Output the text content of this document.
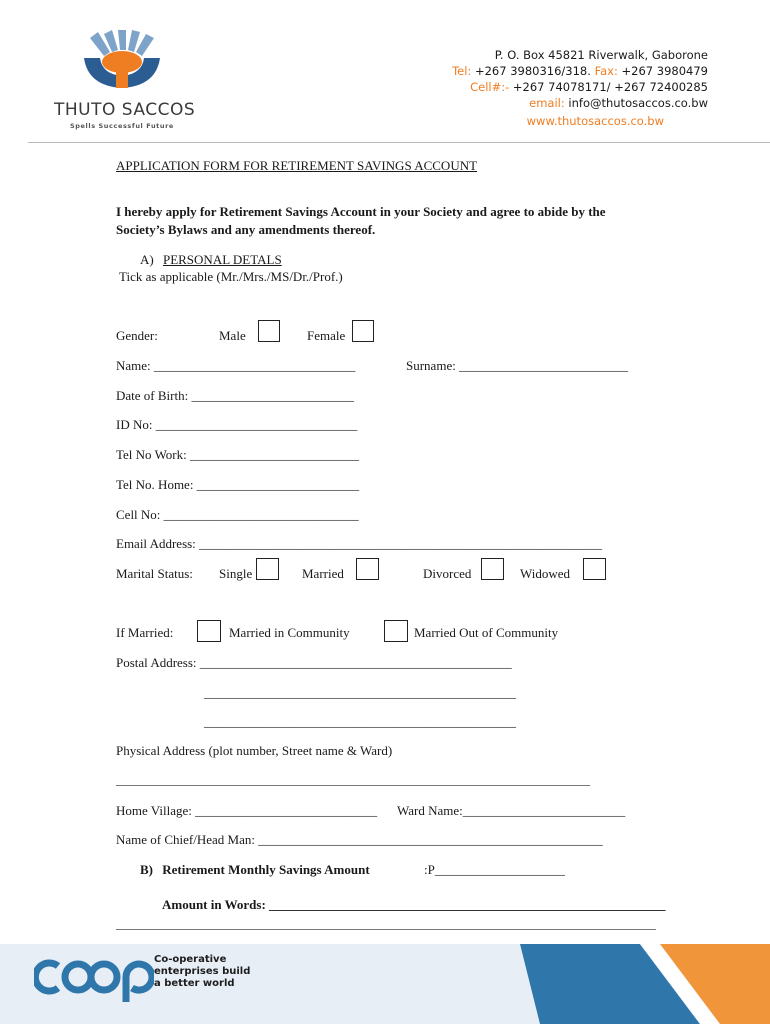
THUTO SACCOS
Spells Successful Future
P. O. Box 45821 Riverwalk, Gaborone
Tel: +267 3980316/318. Fax: +267 3980479
Cell#:- +267 74078171/ +267 72400285
email: info@thutosaccos.co.bw
www.thutosaccos.co.bw
APPLICATION FORM FOR RETIREMENT SAVINGS ACCOUNT
I hereby apply for Retirement Savings Account in your Society and agree to abide by the
Society’s Bylaws and any amendments thereof.
A) PERSONAL DETALS
Tick as applicable (Mr./Mrs./MS/Dr./Prof.)
Gender:	Male	Female
Name: _______________________________	Surname: __________________________
Date of Birth: _________________________
ID No: _______________________________
Tel No Work: __________________________
Tel No. Home: _________________________
Cell No: ______________________________
Email Address: ______________________________________________________________
Marital Status: Single	Married	Divorced	Widowed
If Married:	Married in Community	Married Out of Community
Postal Address: ________________________________________________
________________________________________________
________________________________________________
Physical Address (plot number, Street name & Ward)
_______________________________________________________________________________
Home Village: ____________________________ Ward Name:_________________________
Name of Chief/Head Man: _____________________________________________________
B) Retirement Monthly Savings Amount	:P____________________
Amount in Words: _____________________________________________________________
__________________________________________________________________________________________
Co-operative
enterprises build
a better world
